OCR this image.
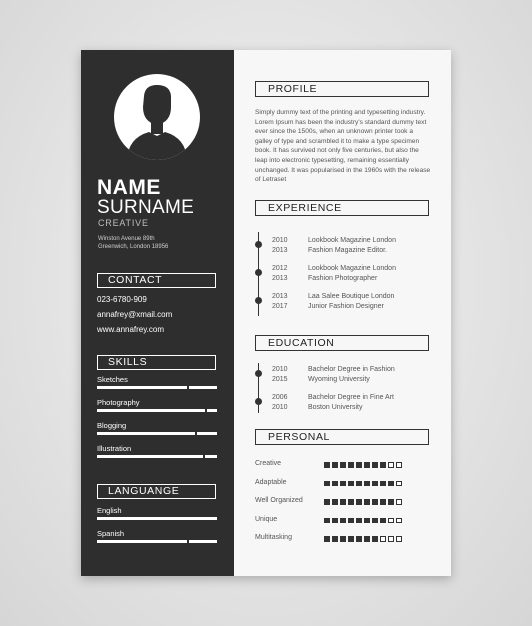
NAME
SURNAME
CREATIVE
Winston Avenue 89th
Greenwich, London 18956
CONTACT
023-6780-909
annafrey@xmail.com
www.annafrey.com
SKILLS
Sketches
Photography
Blogging
Illustration
LANGUANGE
English
Spanish
PROFILE
Simply dummy text of the printing and typesetting industry. Lorem Ipsum has been the industry's standard dummy text ever since the 1500s, when an unknown printer took a galley of type and scrambled it to make a type specimen book. It has survived not only five centuries, but also the leap into electronic typesetting, remaining essentially unchanged. It was popularised in the 1960s with the release of Letraset
EXPERIENCE
2010
2013
Lookbook Magazine London
Fashion Magazine Editor.
2012
2013
Lookbook Magazine London
Fashion Photographer
2013
2017
Laa Salee Boutique London
Junior Fashion Designer
EDUCATION
2010
2015
Bachelor Degree in Fashion
Wyoming University
2006
2010
Bachelor Degree in Fine Art
Boston University
PERSONAL
Creative
Adaptable
Well Organized
Unique
Multitasking
